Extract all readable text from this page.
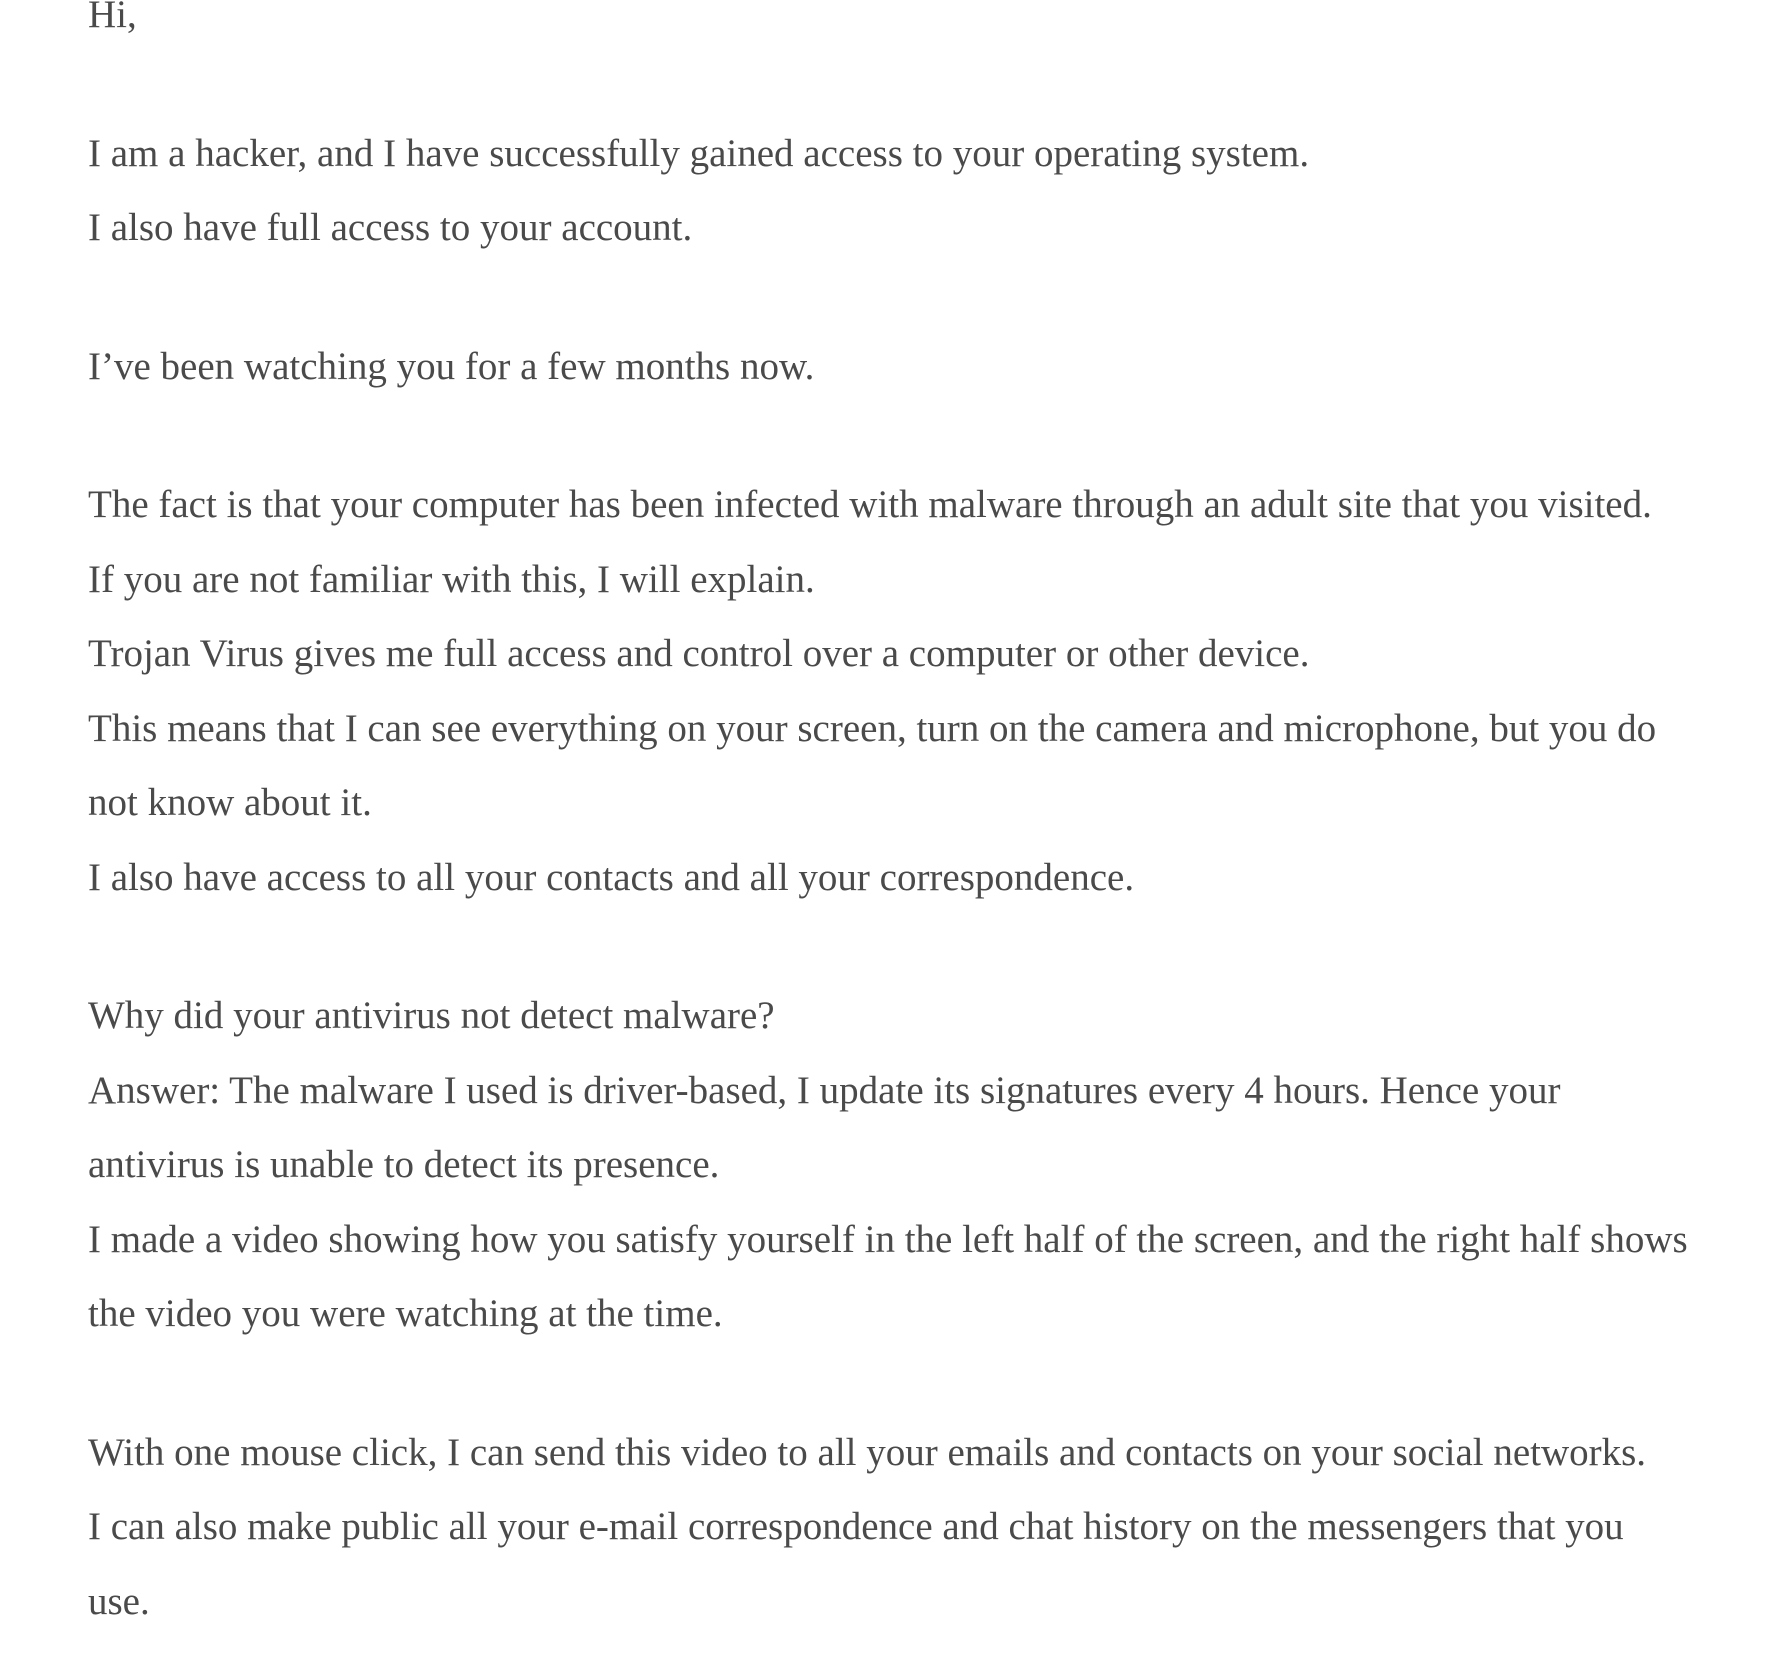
Hi,

I am a hacker, and I have successfully gained access to your operating system.

I also have full access to your account.

I’ve been watching you for a few months now.

The fact is that your computer has been infected with malware through an adult site that you visited.

If you are not familiar with this, I will explain.

Trojan Virus gives me full access and control over a computer or other device.

This means that I can see everything on your screen, turn on the camera and microphone, but you do

not know about it.

I also have access to all your contacts and all your correspondence.

Why did your antivirus not detect malware?

Answer: The malware I used is driver-based, I update its signatures every 4 hours. Hence your

antivirus is unable to detect its presence.

I made a video showing how you satisfy yourself in the left half of the screen, and the right half shows

the video you were watching at the time.

With one mouse click, I can send this video to all your emails and contacts on your social networks.

I can also make public all your e-mail correspondence and chat history on the messengers that you

use.
